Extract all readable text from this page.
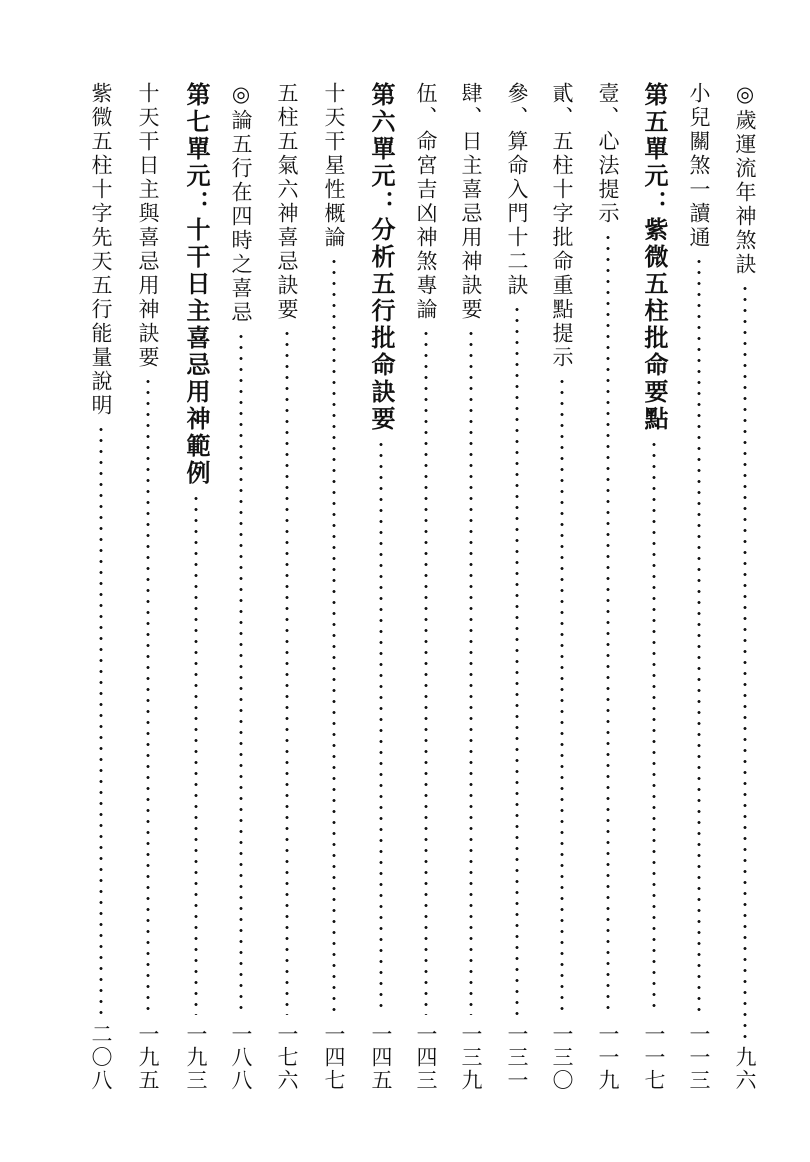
◎歲運流年神煞訣
九六
小兒關煞一讀通
一一三
第五單元：紫微五柱批命要點
一一七
壹、心法提示
一一九
貳、五柱十字批命重點提示
一三〇
參、算命入門十二訣
一三一
肆、日主喜忌用神訣要
一三九
伍、命宮吉凶神煞專論
一四三
第六單元：分析五行批命訣要
一四五
十天干星性概論
一四七
五柱五氣六神喜忌訣要
一七六
◎論五行在四時之喜忌
一八八
第七單元：十干日主喜忌用神範例
一九三
十天干日主與喜忌用神訣要
一九五
紫微五柱十字先天五行能量說明
二〇八
